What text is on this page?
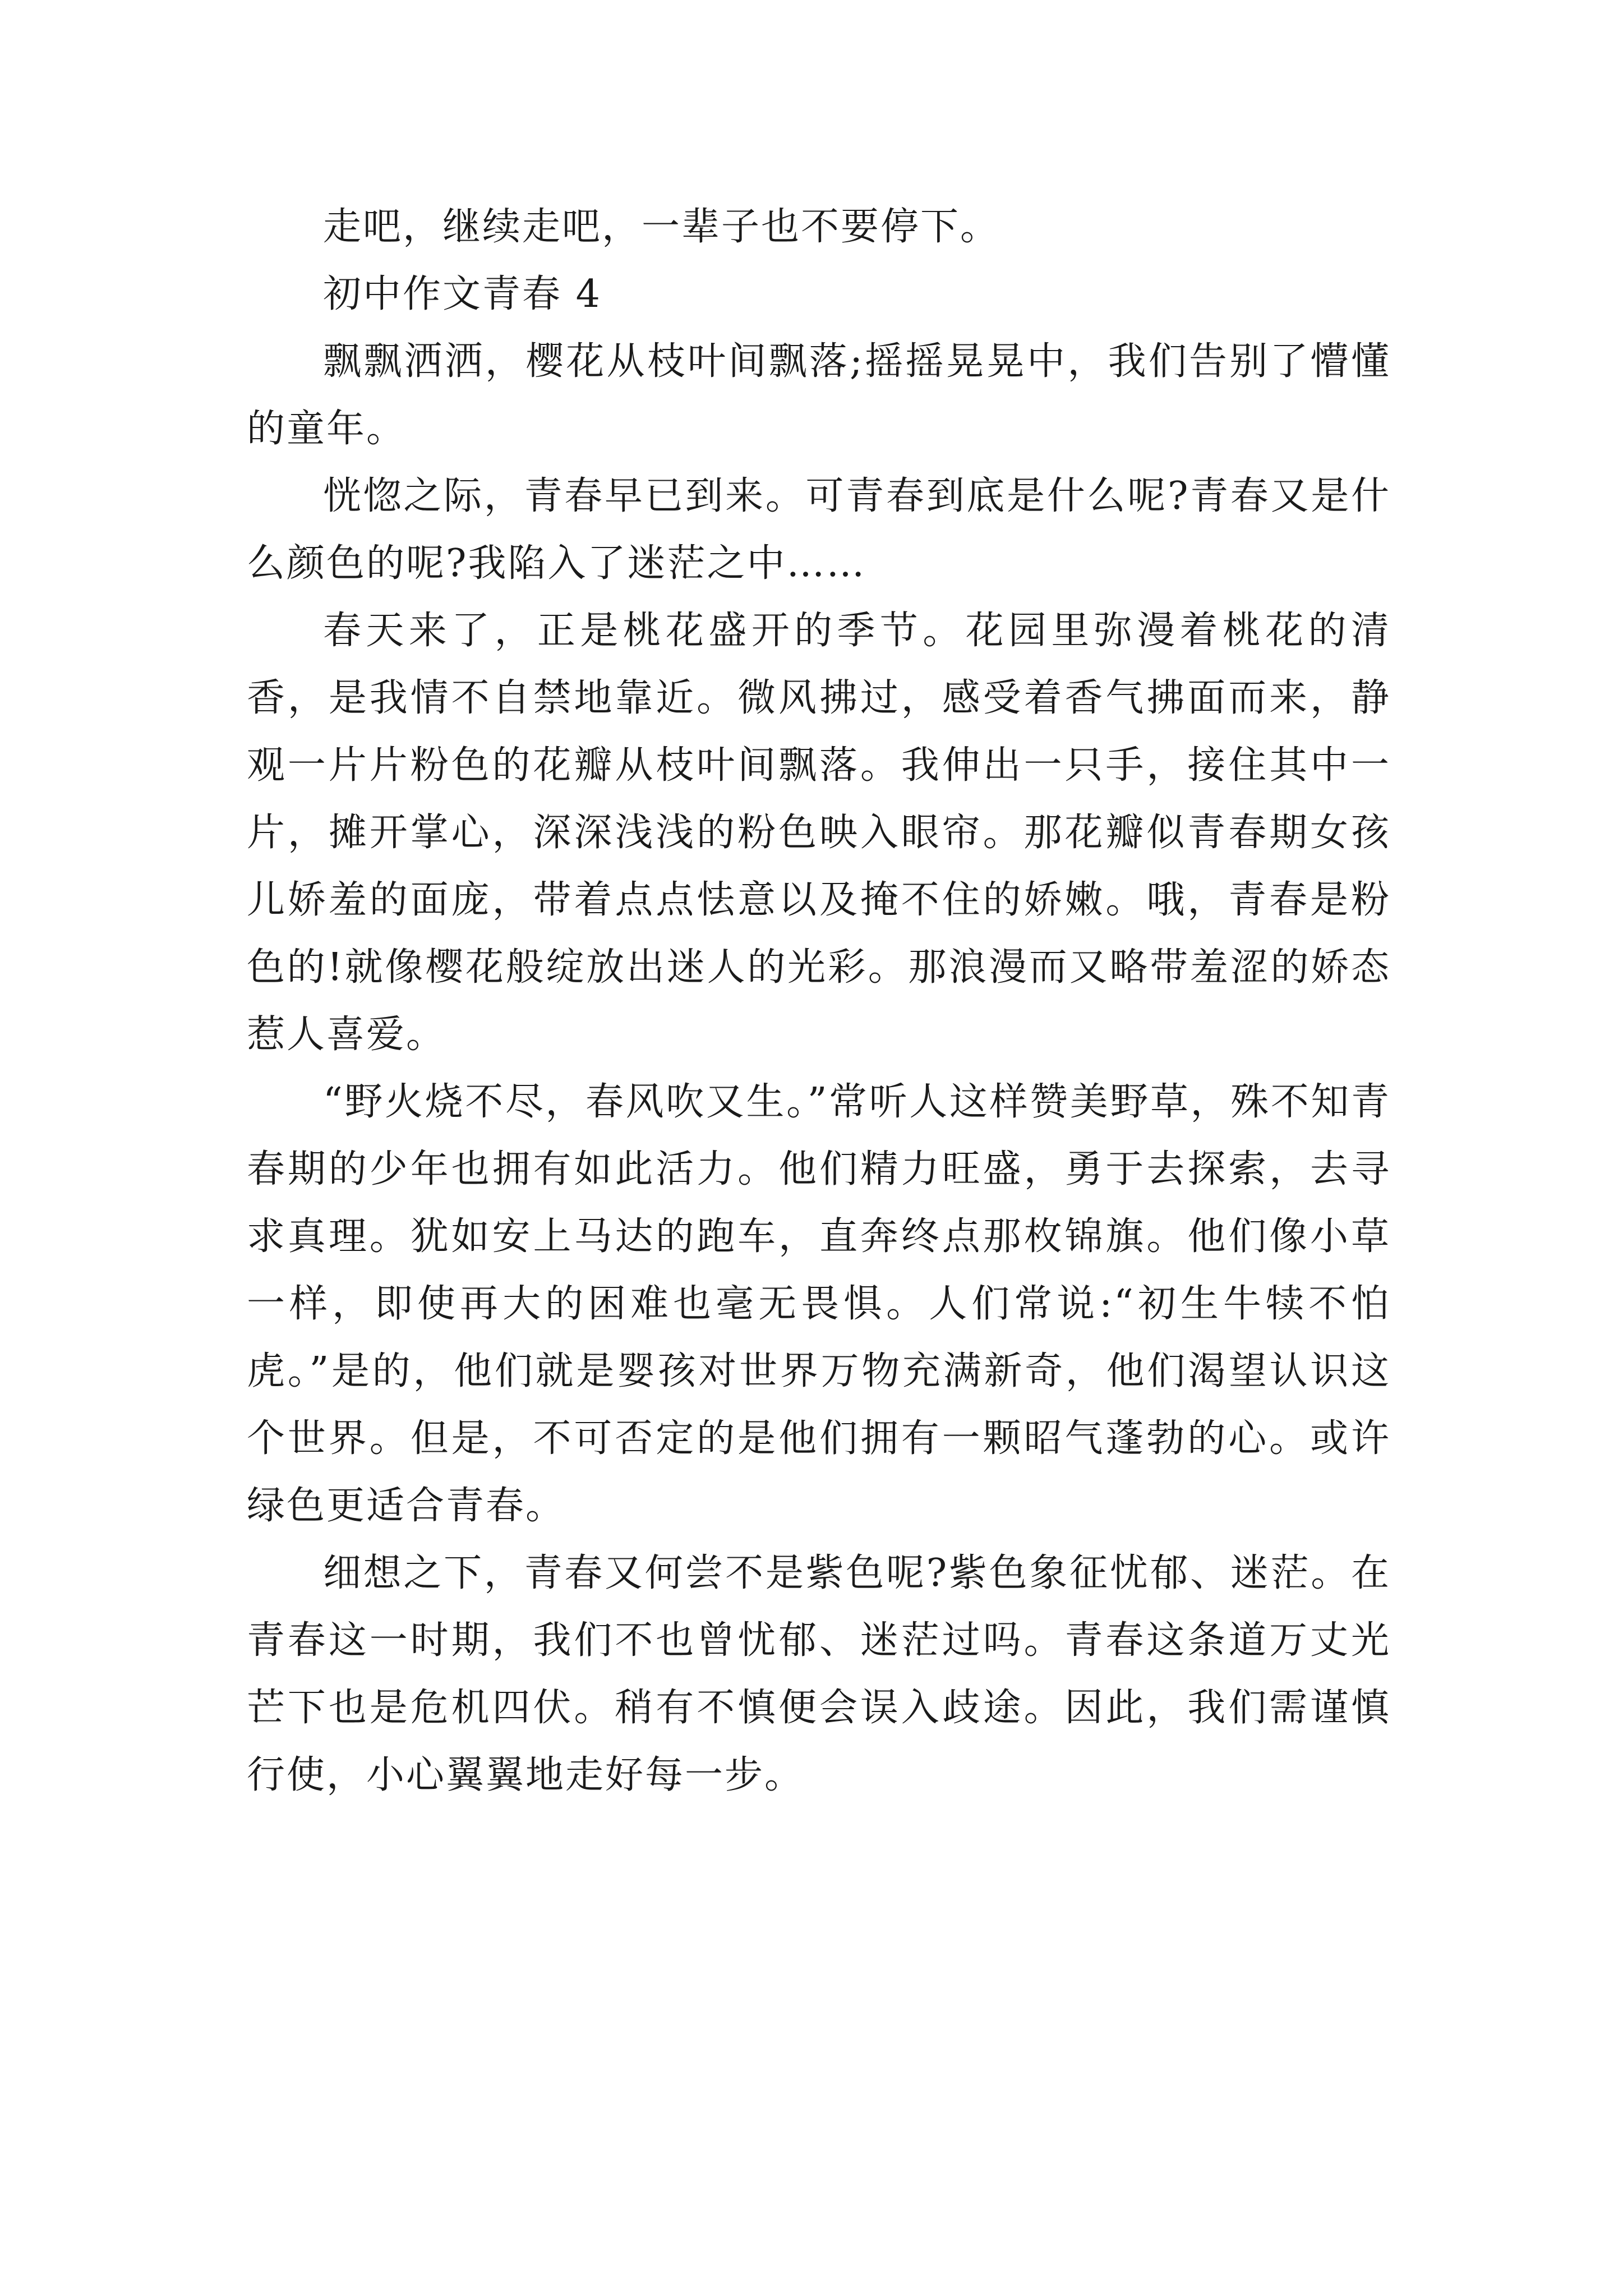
走吧，继续走吧，一辈子也不要停下。

初中作文青春 4

飘飘洒洒，樱花从枝叶间飘落;摇摇晃晃中，我们告别了懵懂的童年。

恍惚之际，青春早已到来。可青春到底是什么呢?青春又是什么颜色的呢?我陷入了迷茫之中……

春天来了，正是桃花盛开的季节。花园里弥漫着桃花的清香，是我情不自禁地靠近。微风拂过，感受着香气拂面而来，静观一片片粉色的花瓣从枝叶间飘落。我伸出一只手，接住其中一片，摊开掌心，深深浅浅的粉色映入眼帘。那花瓣似青春期女孩儿娇羞的面庞，带着点点怯意以及掩不住的娇嫩。哦，青春是粉色的!就像樱花般绽放出迷人的光彩。那浪漫而又略带羞涩的娇态惹人喜爱。

“野火烧不尽，春风吹又生。”常听人这样赞美野草，殊不知青春期的少年也拥有如此活力。他们精力旺盛，勇于去探索，去寻求真理。犹如安上马达的跑车，直奔终点那枚锦旗。他们像小草一样，即使再大的困难也毫无畏惧。人们常说:“初生牛犊不怕虎。”是的，他们就是婴孩对世界万物充满新奇，他们渴望认识这个世界。但是，不可否定的是他们拥有一颗昭气蓬勃的心。或许绿色更适合青春。

细想之下，青春又何尝不是紫色呢?紫色象征忧郁、迷茫。在青春这一时期，我们不也曾忧郁、迷茫过吗。青春这条道万丈光芒下也是危机四伏。稍有不慎便会误入歧途。因此，我们需谨慎行使，小心翼翼地走好每一步。
